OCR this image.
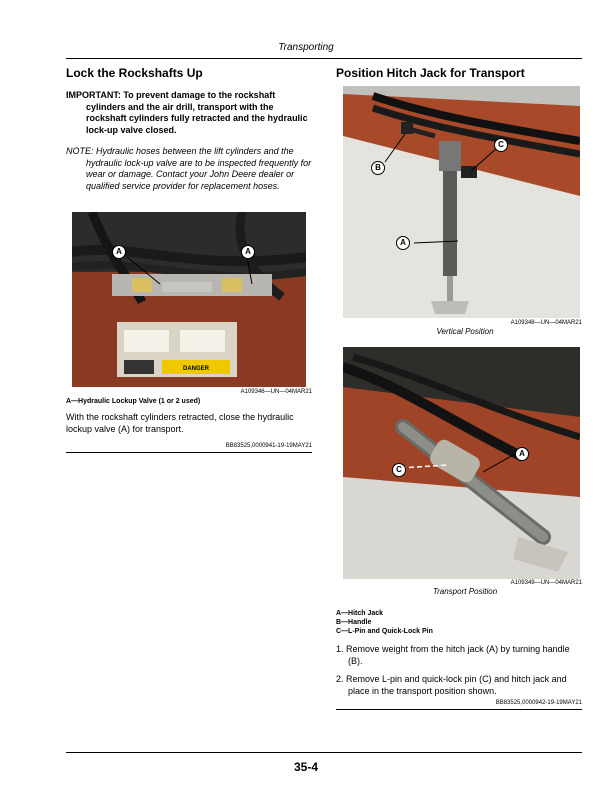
Transporting
Lock the Rockshafts Up

IMPORTANT: To prevent damage to the rockshaft cylinders and the air drill, transport with the rockshaft cylinders fully retracted and the hydraulic lock-up valve closed.

NOTE: Hydraulic hoses between the lift cylinders and the hydraulic lock-up valve are to be inspected frequently for wear or damage. Contact your John Deere dealer or qualified service provider for replacement hoses.

DANGER
A	A
A109346—UN—04MAR21
A—Hydraulic Lockup Valve (1 or 2 used)
With the rockshaft cylinders retracted, close the hydraulic lockup valve (A) for transport.
BB83525,0000941-19-19MAY21
Position Hitch Jack for Transport
B
C
A
A109348—UN—04MAR21
Vertical Position
C
A
A109349—UN—04MAR21
Transport Position
A—Hitch Jack
B—Handle
C—L-Pin and Quick-Lock Pin
1. Remove weight from the hitch jack (A) by turning handle (B).
2. Remove L-pin and quick-lock pin (C) and hitch jack and place in the transport position shown.
BB83525,0000942-19-19MAY21
35-4
